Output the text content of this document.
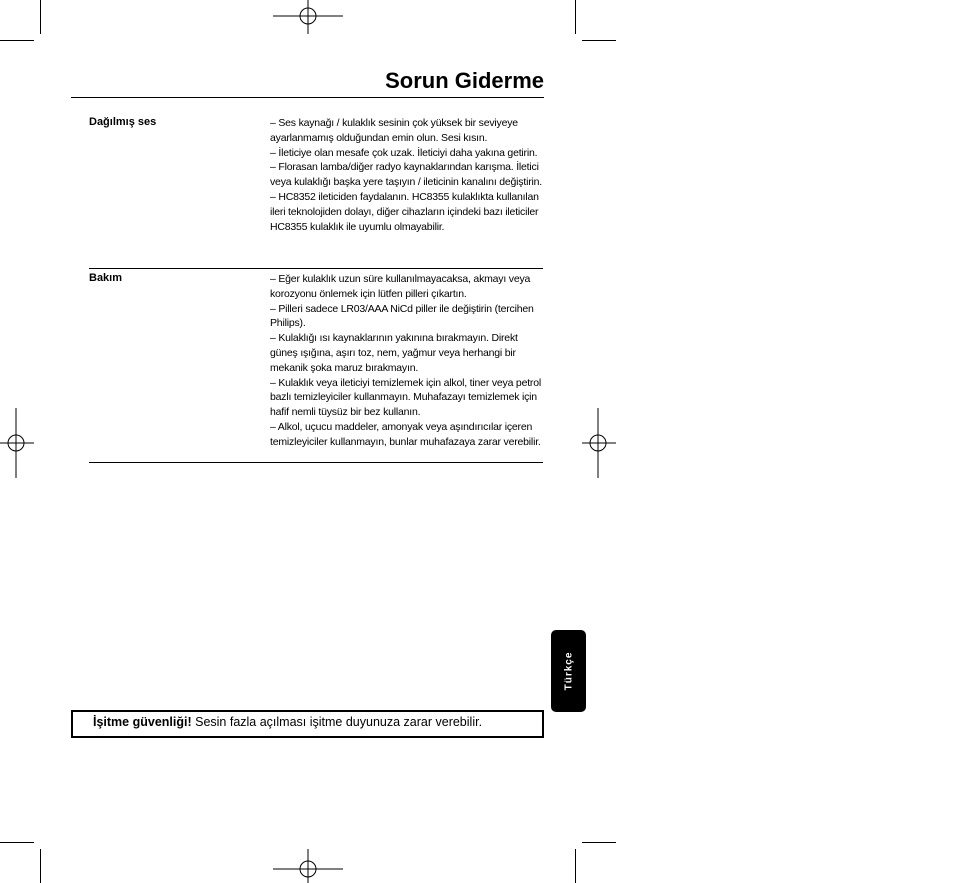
Sorun Giderme
Dağılmış ses	– Ses kaynağı / kulaklık sesinin çok yüksek bir seviyeye ayarlanmamış olduğundan emin olun. Sesi kısın.
– İleticiye olan mesafe çok uzak. İleticiyi daha yakına getirin.
– Florasan lamba/diğer radyo kaynaklarından karışma. İletici veya kulaklığı başka yere taşıyın / ileticinin kanalını değiştirin.
– HC8352 ileticiden faydalanın. HC8355 kulaklıkta kullanılan ileri teknolojiden dolayı, diğer cihazların içindeki bazı ileticiler HC8355 kulaklık ile uyumlu olmayabilir.
Bakım	– Eğer kulaklık uzun süre kullanılmayacaksa, akmayı veya korozyonu önlemek için lütfen pilleri çıkartın.
– Pilleri sadece LR03/AAA NiCd piller ile değiştirin (tercihen Philips).
– Kulaklığı ısı kaynaklarının yakınına bırakmayın. Direkt güneş ışığına, aşırı toz, nem, yağmur veya herhangi bir mekanik şoka maruz bırakmayın.
– Kulaklık veya ileticiyi temizlemek için alkol, tiner veya petrol bazlı temizleyiciler kullanmayın. Muhafazayı temizlemek için hafif nemli tüysüz bir bez kullanın.
– Alkol, uçucu maddeler, amonyak veya aşındırıcılar içeren temizleyiciler kullanmayın, bunlar muhafazaya zarar verebilir.
Türkçe
İşitme güvenliği! Sesin fazla açılması işitme duyunuza zarar verebilir.
